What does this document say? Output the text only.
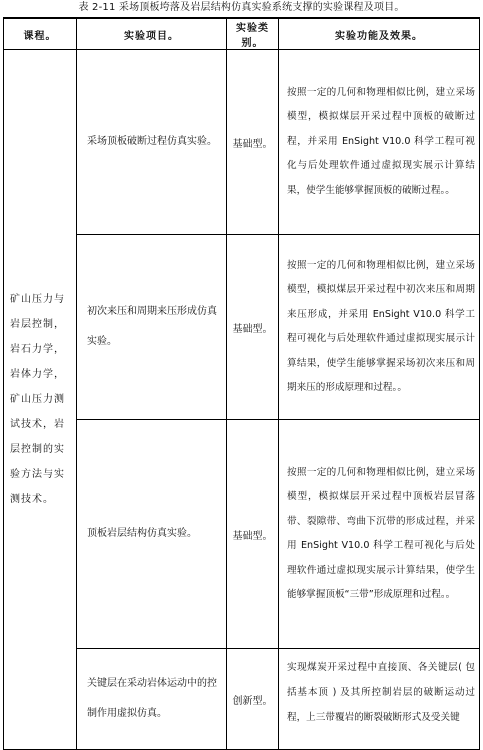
表 2-11 采场顶板垮落及岩层结构仿真实验系统支撑的实验课程及项目。
课程。	实验项目。	实验类别。	实验功能及效果。
矿山压力与岩层控制，岩石力学，岩体力学，矿山压力测试技术，岩层控制的实验方法与实测技术。	采场顶板破断过程仿真实验。	基础型。	按照一定的几何和物理相似比例，建立采场模型，模拟煤层开采过程中顶板的破断过程，并采用 EnSight V10.0 科学工程可视化与后处理软件通过虚拟现实展示计算结果，使学生能够掌握顶板的破断过程。。
	初次来压和周期来压形成仿真实验。	基础型。	按照一定的几何和物理相似比例，建立采场模型，模拟煤层开采过程中初次来压和周期来压形成，并采用 EnSight V10.0 科学工程可视化与后处理软件通过虚拟现实展示计算结果，使学生能够掌握采场初次来压和周期来压的形成原理和过程。。
	顶板岩层结构仿真实验。	基础型。	按照一定的几何和物理相似比例，建立采场模型，模拟煤层开采过程中顶板岩层冒落带、裂隙带、弯曲下沉带的形成过程，并采用 EnSight V10.0 科学工程可视化与后处理软件通过虚拟现实展示计算结果，使学生能够掌握顶板“三带”形成原理和过程。。
	关键层在采动岩体运动中的控制作用虚拟仿真。	创新型。	实现煤炭开采过程中直接顶、各关键层( 包括基本顶 ) 及其所控制岩层的破断运动过程，上三带覆岩的断裂破断形式及受关键
